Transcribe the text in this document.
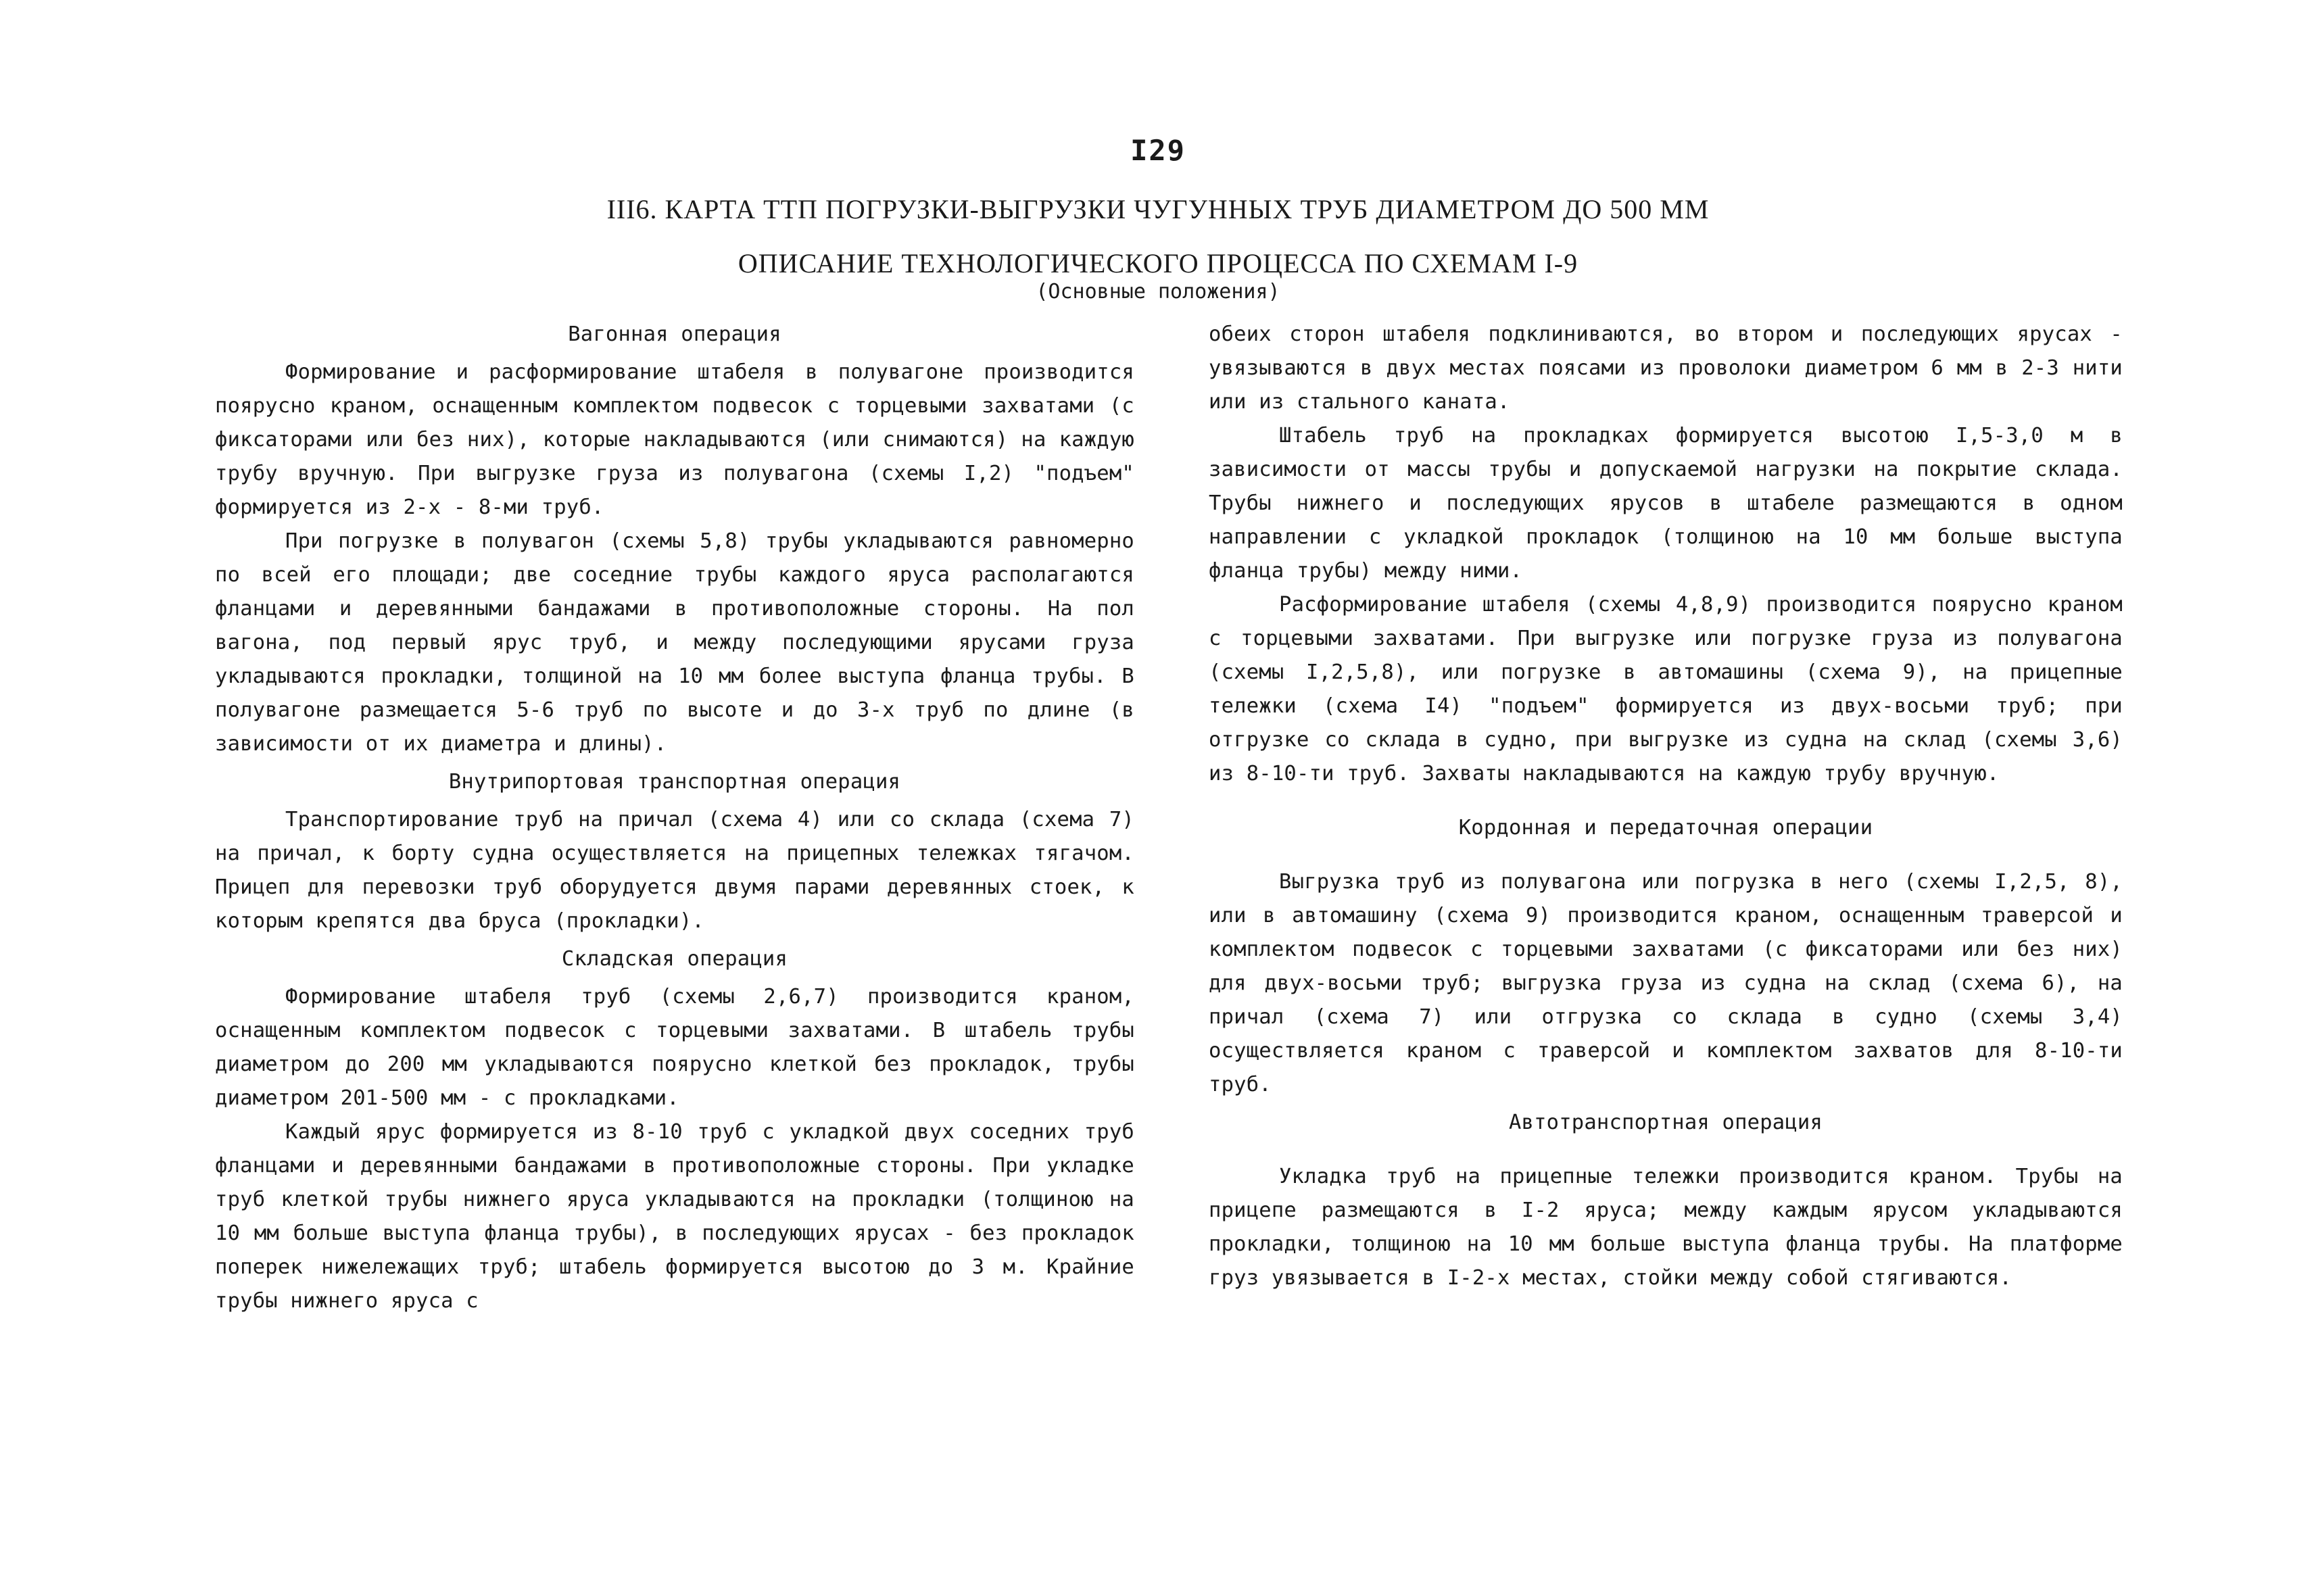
I29
III6. КАРТА ТТП ПОГРУЗКИ-ВЫГРУЗКИ ЧУГУННЫХ ТРУБ ДИАМЕТРОМ ДО 500 ММ
ОПИСАНИЕ ТЕХНОЛОГИЧЕСКОГО ПРОЦЕССА ПО СХЕМАМ I-9
(Основные положения)
Вагонная операция

Формирование и расформирование штабеля в полувагоне производится поярусно краном, оснащенным комплектом подвесок с торцевыми захватами (с фиксаторами или без них), которые накладываются (или снимаются) на каждую трубу вручную. При выгрузке груза из полувагона (схемы I,2) "подъем" формируется из 2-х - 8-ми труб.

При погрузке в полувагон (схемы 5,8) трубы укладываются равномерно по всей его площади; две соседние трубы каждого яруса располагаются фланцами и деревянными бандажами в противоположные стороны. На пол вагона, под первый ярус труб, и между последующими ярусами груза укладываются прокладки, толщиной на 10 мм более выступа фланца трубы. В полувагоне размещается 5-6 труб по высоте и до 3-х труб по длине (в зависимости от их диаметра и длины).

Внутрипортовая транспортная операция

Транспортирование труб на причал (схема 4) или со склада (схема 7) на причал, к борту судна осуществляется на прицепных тележках тягачом. Прицеп для перевозки труб оборудуется двумя парами деревянных стоек, к которым крепятся два бруса (прокладки).

Складская операция

Формирование штабеля труб (схемы 2,6,7) производится краном, оснащенным комплектом подвесок с торцевыми захватами. В штабель трубы диаметром до 200 мм укладываются поярусно клеткой без прокладок, трубы диаметром 201-500 мм - с прокладками.

Каждый ярус формируется из 8-10 труб с укладкой двух соседних труб фланцами и деревянными бандажами в противоположные стороны. При укладке труб клеткой трубы нижнего яруса укладываются на прокладки (толщиною на 10 мм больше выступа фланца трубы), в последующих ярусах - без прокладок поперек нижележащих труб; штабель формируется высотою до 3 м. Крайние трубы нижнего яруса с

обеих сторон штабеля подклиниваются, во втором и последующих ярусах - увязываются в двух местах поясами из проволоки диаметром 6 мм в 2-3 нити или из стального каната.

Штабель труб на прокладках формируется высотою I,5-3,0 м в зависимости от массы трубы и допускаемой нагрузки на покрытие склада. Трубы нижнего и последующих ярусов в штабеле размещаются в одном направлении с укладкой прокладок (толщиною на 10 мм больше выступа фланца трубы) между ними.

Расформирование штабеля (схемы 4,8,9) производится поярусно краном с торцевыми захватами. При выгрузке или погрузке груза из полувагона (схемы I,2,5,8), или погрузке в автомашины (схема 9), на прицепные тележки (схема I4) "подъем" формируется из двух-восьми труб; при отгрузке со склада в судно, при выгрузке из судна на склад (схемы 3,6) из 8-10-ти труб. Захваты накладываются на каждую трубу вручную.

Кордонная и передаточная операции

Выгрузка труб из полувагона или погрузка в него (схемы I,2,5, 8), или в автомашину (схема 9) производится краном, оснащенным траверсой и комплектом подвесок с торцевыми захватами (с фиксаторами или без них) для двух-восьми труб; выгрузка груза из судна на склад (схема 6), на причал (схема 7) или отгрузка со склада в судно (схемы 3,4) осуществляется краном с траверсой и комплектом захватов для 8-10-ти труб.

Автотранспортная операция

Укладка труб на прицепные тележки производится краном. Трубы на прицепе размещаются в I-2 яруса; между каждым ярусом укладываются прокладки, толщиною на 10 мм больше выступа фланца трубы. На платформе груз увязывается в I-2-х местах, стойки между собой стягиваются.
